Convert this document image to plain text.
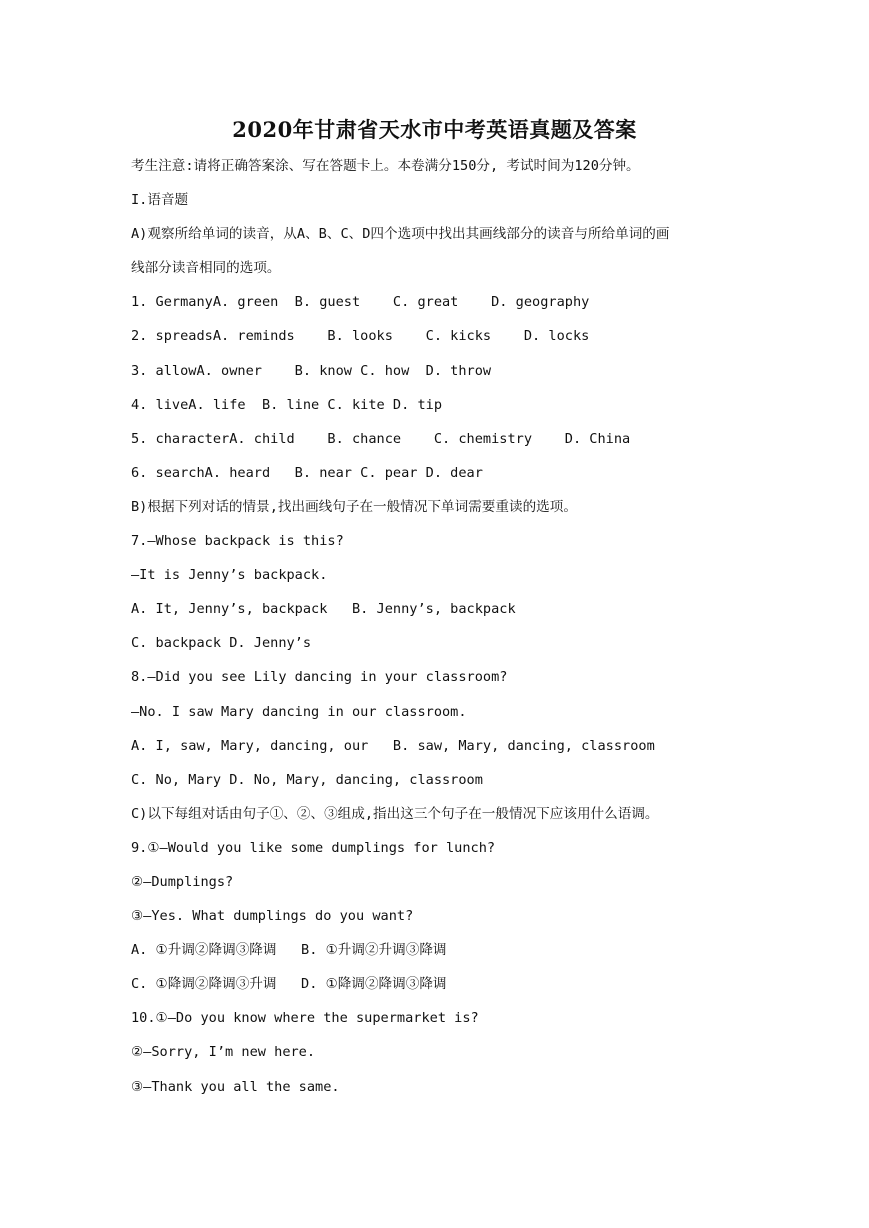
2020年甘肃省天水市中考英语真题及答案
考生注意:请将正确答案涂、写在答题卡上。本卷满分150分, 考试时间为120分钟。
I.语音题
A)观察所给单词的读音，从A、B、C、D四个选项中找出其画线部分的读音与所给单词的画
线部分读音相同的选项。
1. GermanyA. green  B. guest    C. great    D. geography
2. spreadsA. reminds    B. looks    C. kicks    D. locks
3. allowA. owner    B. know C. how  D. throw
4. liveA. life  B. line C. kite D. tip
5. characterA. child    B. chance    C. chemistry    D. China
6. searchA. heard   B. near C. pear D. dear
B)根据下列对话的情景,找出画线句子在一般情况下单词需要重读的选项。
7.—Whose backpack is this?
—It is Jenny’s backpack.
A. It, Jenny’s, backpack   B. Jenny’s, backpack
C. backpack D. Jenny’s
8.—Did you see Lily dancing in your classroom?
—No. I saw Mary dancing in our classroom.
A. I, saw, Mary, dancing, our   B. saw, Mary, dancing, classroom
C. No, Mary D. No, Mary, dancing, classroom
C)以下每组对话由句子①、②、③组成,指出这三个句子在一般情况下应该用什么语调。
9.①—Would you like some dumplings for lunch?
②—Dumplings?
③—Yes. What dumplings do you want?
A. ①升调②降调③降调   B. ①升调②升调③降调
C. ①降调②降调③升调   D. ①降调②降调③降调
10.①—Do you know where the supermarket is?
②—Sorry, I’m new here.
③—Thank you all the same.
